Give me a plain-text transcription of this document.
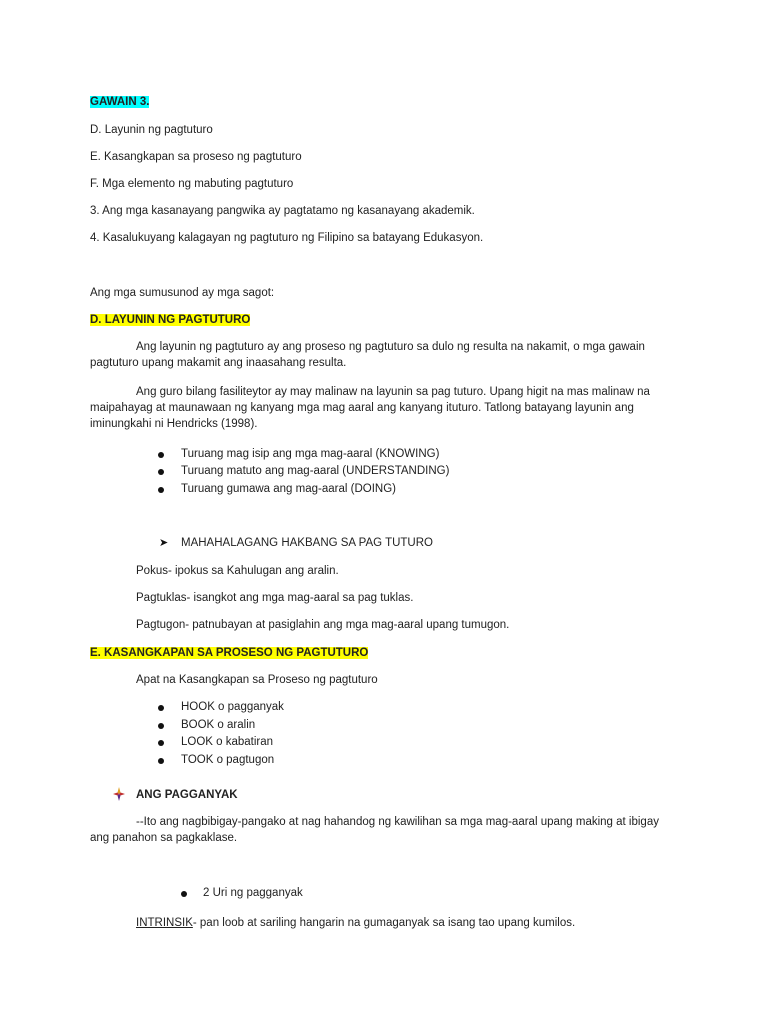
GAWAIN 3.
D. Layunin ng pagtuturo
E. Kasangkapan sa proseso ng pagtuturo
F. Mga elemento ng mabuting pagtuturo
3. Ang mga kasanayang pangwika ay pagtatamo ng kasanayang akademik.
4. Kasalukuyang kalagayan ng pagtuturo ng Filipino sa batayang Edukasyon.
Ang mga sumusunod ay mga sagot:
D. LAYUNIN NG PAGTUTURO
Ang layunin ng pagtuturo ay ang proseso ng pagtuturo sa dulo ng resulta na nakamit, o mga gawain pagtuturo upang makamit ang inaasahang resulta.
Ang guro bilang fasiliteytor ay may malinaw na layunin sa pag tuturo. Upang higit na mas malinaw na maipahayag at maunawaan ng kanyang mga mag aaral ang kanyang ituturo. Tatlong batayang layunin ang iminungkahi ni Hendricks (1998).
Turuang mag isip ang mga mag-aaral (KNOWING)
Turuang matuto ang mag-aaral (UNDERSTANDING)
Turuang gumawa ang mag-aaral (DOING)
➤ MAHAHALAGANG HAKBANG SA PAG TUTURO
Pokus- ipokus sa Kahulugan ang aralin.
Pagtuklas- isangkot ang mga mag-aaral sa pag tuklas.
Pagtugon- patnubayan at pasiglahin ang mga mag-aaral upang tumugon.
E. KASANGKAPAN SA PROSESO NG PAGTUTURO
Apat na Kasangkapan sa Proseso ng pagtuturo
HOOK o pagganyak
BOOK o aralin
LOOK o kabatiran
TOOK o pagtugon
ANG PAGGANYAK
--Ito ang nagbibigay-pangako at nag hahandog ng kawilihan sa mga mag-aaral upang making at ibigay ang panahon sa pagkaklase.
2 Uri ng pagganyak
INTRINSIK- pan loob at sariling hangarin na gumaganyak sa isang tao upang kumilos.
